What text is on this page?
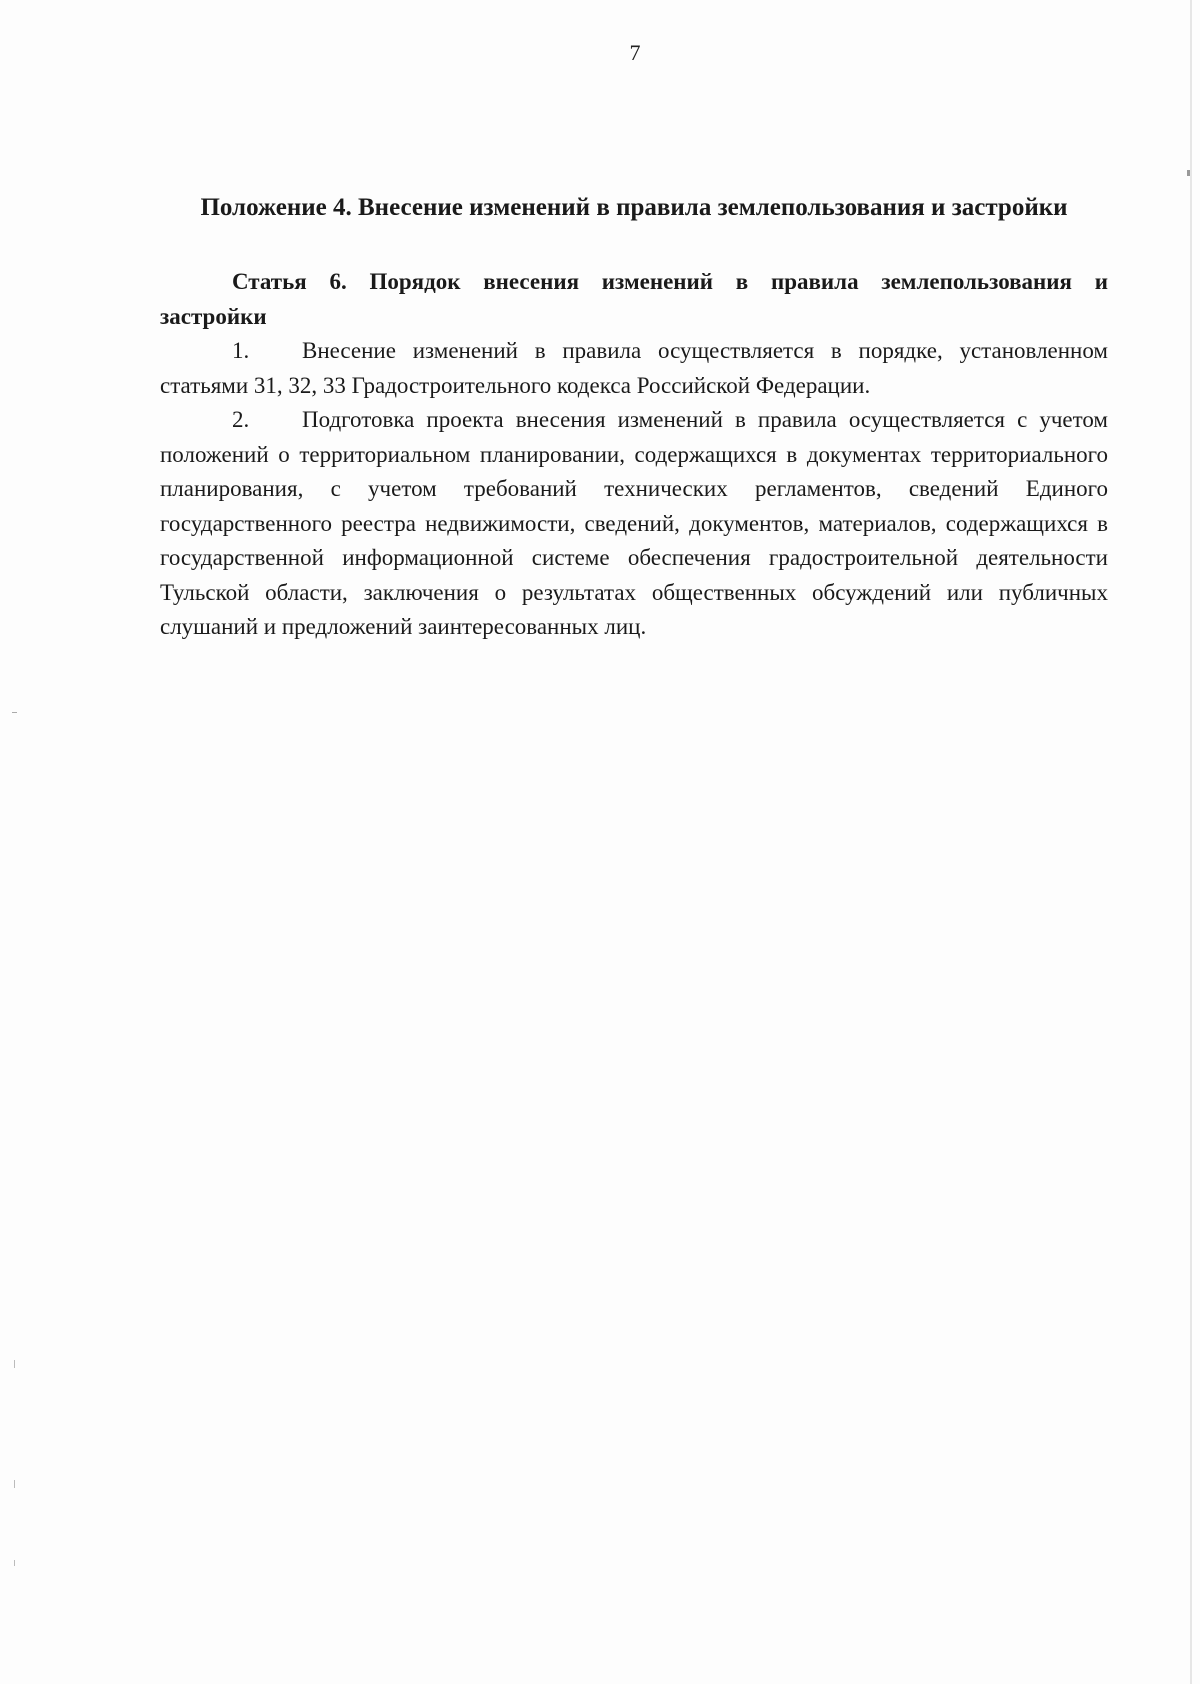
7
Положение 4. Внесение изменений в правила землепользования и застройки

Статья 6. Порядок внесения изменений в правила землепользования и застройки

1. Внесение изменений в правила осуществляется в порядке, установленном статьями 31, 32, 33 Градостроительного кодекса Российской Федерации.

2. Подготовка проекта внесения изменений в правила осуществляется с учетом положений о территориальном планировании, содержащихся в документах территориального планирования, с учетом требований технических регламентов, сведений Единого государственного реестра недвижимости, сведений, документов, материалов, содержащихся в государственной информационной системе обеспечения градостроительной деятельности Тульской области, заключения о результатах общественных обсуждений или публичных слушаний и предложений заинтересованных лиц.
